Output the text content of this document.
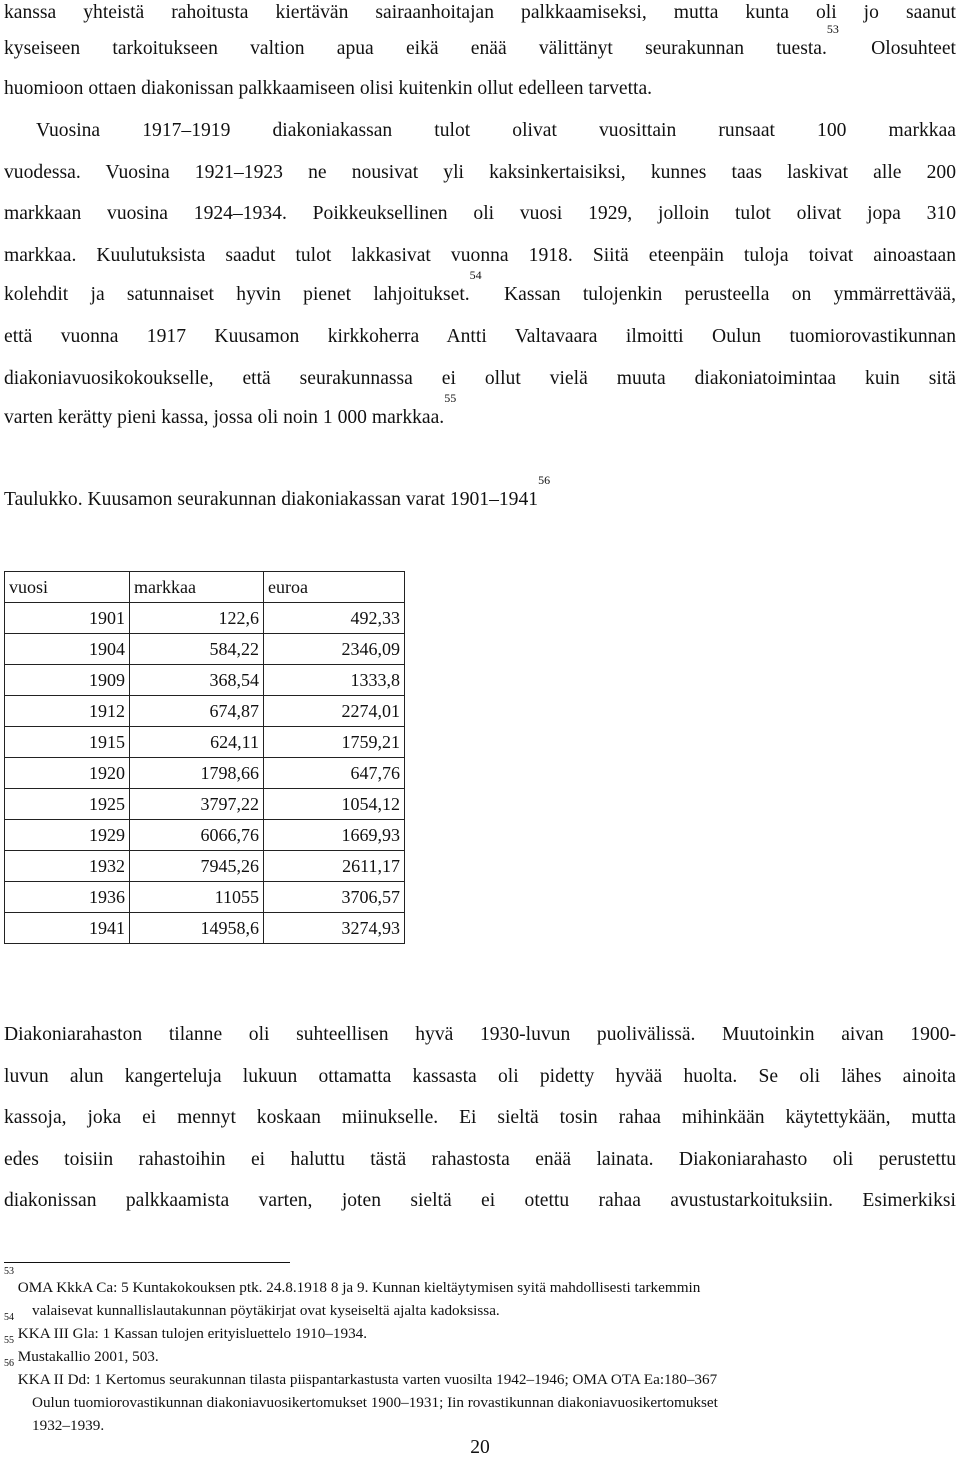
kanssa yhteistä rahoitusta kiertävän sairaanhoitajan palkkaamiseksi, mutta kunta oli jo saanut
kyseiseen tarkoitukseen valtion apua eikä enää välittänyt seurakunnan tuesta.$^{53}$ Olosuhteet
huomioon ottaen diakonissan palkkaamiseen olisi kuitenkin ollut edelleen tarvetta.
Vuosina 1917–1919 diakoniakassan tulot olivat vuosittain runsaat 100 markkaa
vuodessa. Vuosina 1921–1923 ne nousivat yli kaksinkertaisiksi, kunnes taas laskivat alle 200
markkaan vuosina 1924–1934. Poikkeuksellinen oli vuosi 1929, jolloin tulot olivat jopa 310
markkaa. Kuulutuksista saadut tulot lakkasivat vuonna 1918. Siitä eteenpäin tuloja toivat ainoastaan
kolehdit ja satunnaiset hyvin pienet lahjoitukset.$^{54}$ Kassan tulojenkin perusteella on ymmärrettävää,
että vuonna 1917 Kuusamon kirkkoherra Antti Valtavaara ilmoitti Oulun tuomiorovastikunnan
diakoniavuosikokoukselle, että seurakunnassa ei ollut vielä muuta diakoniatoimintaa kuin sitä
varten kerätty pieni kassa, jossa oli noin 1 000 markkaa.$^{55}$
Taulukko. Kuusamon seurakunnan diakoniakassan varat 1901–1941$^{56}$
vuosi	markkaa	euroa
1901	122,6	492,33
1904	584,22	2346,09
1909	368,54	1333,8
1912	674,87	2274,01
1915	624,11	1759,21
1920	1798,66	647,76
1925	3797,22	1054,12
1929	6066,76	1669,93
1932	7945,26	2611,17
1936	11055	3706,57
1941	14958,6	3274,93
Diakoniarahaston tilanne oli suhteellisen hyvä 1930-luvun puolivälissä. Muutoinkin aivan 1900-
luvun alun kangerteluja lukuun ottamatta kassasta oli pidetty hyvää huolta. Se oli lähes ainoita
kassoja, joka ei mennyt koskaan miinukselle. Ei sieltä tosin rahaa mihinkään käytettykään, mutta
edes toisiin rahastoihin ei haluttu tästä rahastosta enää lainata. Diakoniarahasto oli perustettu
diakonissan palkkaamista varten, joten sieltä ei otettu rahaa avustustarkoituksiin. Esimerkiksi
$^{53}$ OMA KkkA Ca: 5 Kuntakokouksen ptk. 24.8.1918 8 ja 9. Kunnan kieltäytymisen syitä mahdollisesti tarkemmin
valaisevat kunnallislautakunnan pöytäkirjat ovat kyseiseltä ajalta kadoksissa.
$^{54}$ KKA III Gla: 1 Kassan tulojen erityisluettelo 1910–1934.
$^{55}$ Mustakallio 2001, 503.
$^{56}$ KKA II Dd: 1 Kertomus seurakunnan tilasta piispantarkastusta varten vuosilta 1942–1946; OMA OTA Ea:180–367
Oulun tuomiorovastikunnan diakoniavuosikertomukset 1900–1931; Iin rovastikunnan diakoniavuosikertomukset
1932–1939.
20
